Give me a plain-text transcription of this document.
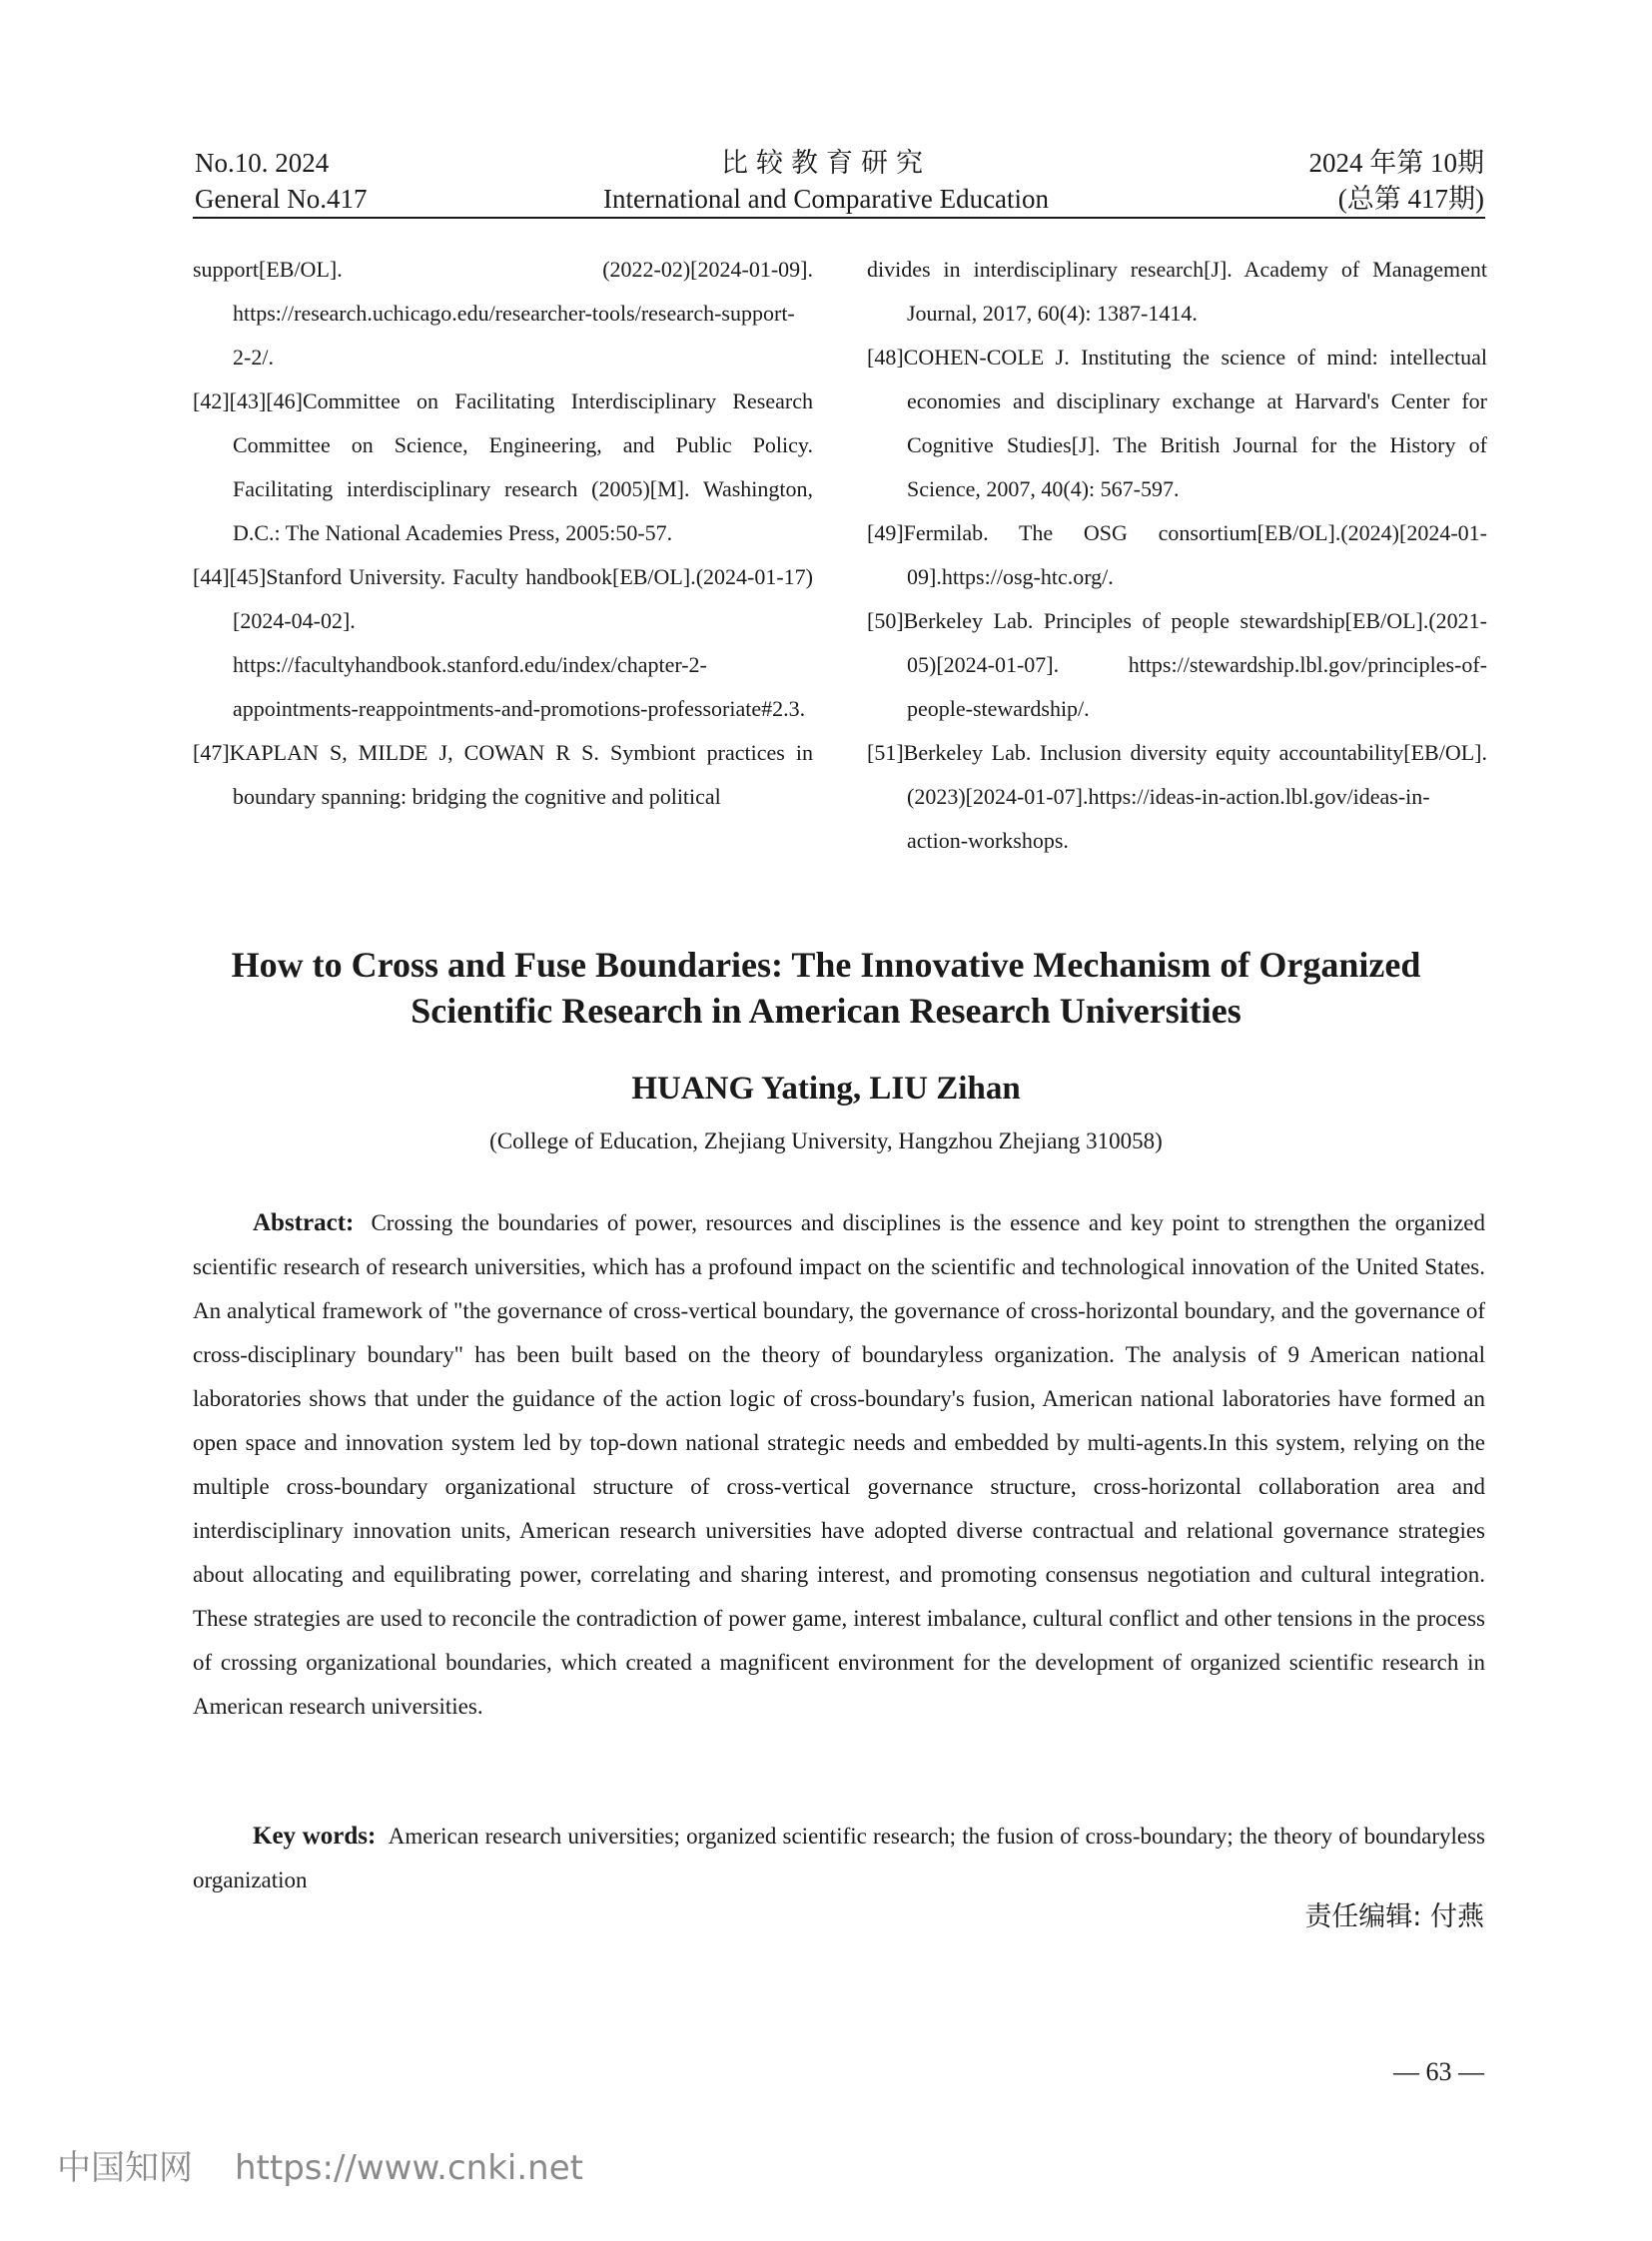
No.10. 2024
General No.417
比较教育研究
International and Comparative Education
2024 年第 10期
(总第 417期)

support[EB/OL]. (2022-02)[2024-01-09]. https://research.uchicago.edu/researcher-tools/research-support-2-2/.

[42][43][46]Committee on Facilitating Interdisciplinary Research Committee on Science, Engineering, and Public Policy. Facilitating interdisciplinary research (2005)[M]. Washington, D.C.: The National Academies Press, 2005:50-57.

[44][45]Stanford University. Faculty handbook[EB/OL].(2024-01-17) [2024-04-02]. https://facultyhandbook.stanford.edu/index/chapter-2-appointments-reappointments-and-promotions-professoriate#2.3.

[47]KAPLAN S, MILDE J, COWAN R S. Symbiont practices in boundary spanning: bridging the cognitive and political

divides in interdisciplinary research[J]. Academy of Management Journal, 2017, 60(4): 1387-1414.

[48]COHEN-COLE J. Instituting the science of mind: intellectual economies and disciplinary exchange at Harvard's Center for Cognitive Studies[J]. The British Journal for the History of Science, 2007, 40(4): 567-597.

[49]Fermilab. The OSG consortium[EB/OL].(2024)[2024-01-09].https://osg-htc.org/.

[50]Berkeley Lab. Principles of people stewardship[EB/OL].(2021-05)[2024-01-07]. https://stewardship.lbl.gov/principles-of-people-stewardship/.

[51]Berkeley Lab. Inclusion diversity equity accountability[EB/OL]. (2023)[2024-01-07].https://ideas-in-action.lbl.gov/ideas-in-action-workshops.

How to Cross and Fuse Boundaries: The Innovative Mechanism of Organized
Scientific Research in American Research Universities
HUANG Yating, LIU Zihan
(College of Education, Zhejiang University, Hangzhou Zhejiang 310058)

Abstract: Crossing the boundaries of power, resources and disciplines is the essence and key point to strengthen the organized scientific research of research universities, which has a profound impact on the scientific and technological innovation of the United States. An analytical framework of "the governance of cross-vertical boundary, the governance of cross-horizontal boundary, and the governance of cross-disciplinary boundary" has been built based on the theory of boundaryless organization. The analysis of 9 American national laboratories shows that under the guidance of the action logic of cross-boundary's fusion, American national laboratories have formed an open space and innovation system led by top-down national strategic needs and embedded by multi-agents.In this system, relying on the multiple cross-boundary organizational structure of cross-vertical governance structure, cross-horizontal collaboration area and interdisciplinary innovation units, American research universities have adopted diverse contractual and relational governance strategies about allocating and equilibrating power, correlating and sharing interest, and promoting consensus negotiation and cultural integration. These strategies are used to reconcile the contradiction of power game, interest imbalance, cultural conflict and other tensions in the process of crossing organizational boundaries, which created a magnificent environment for the development of organized scientific research in American research universities.

Key words: American research universities; organized scientific research; the fusion of cross-boundary; the theory of boundaryless organization

责任编辑: 付燕
— 63 —
中国知网 https://www.cnki.net
